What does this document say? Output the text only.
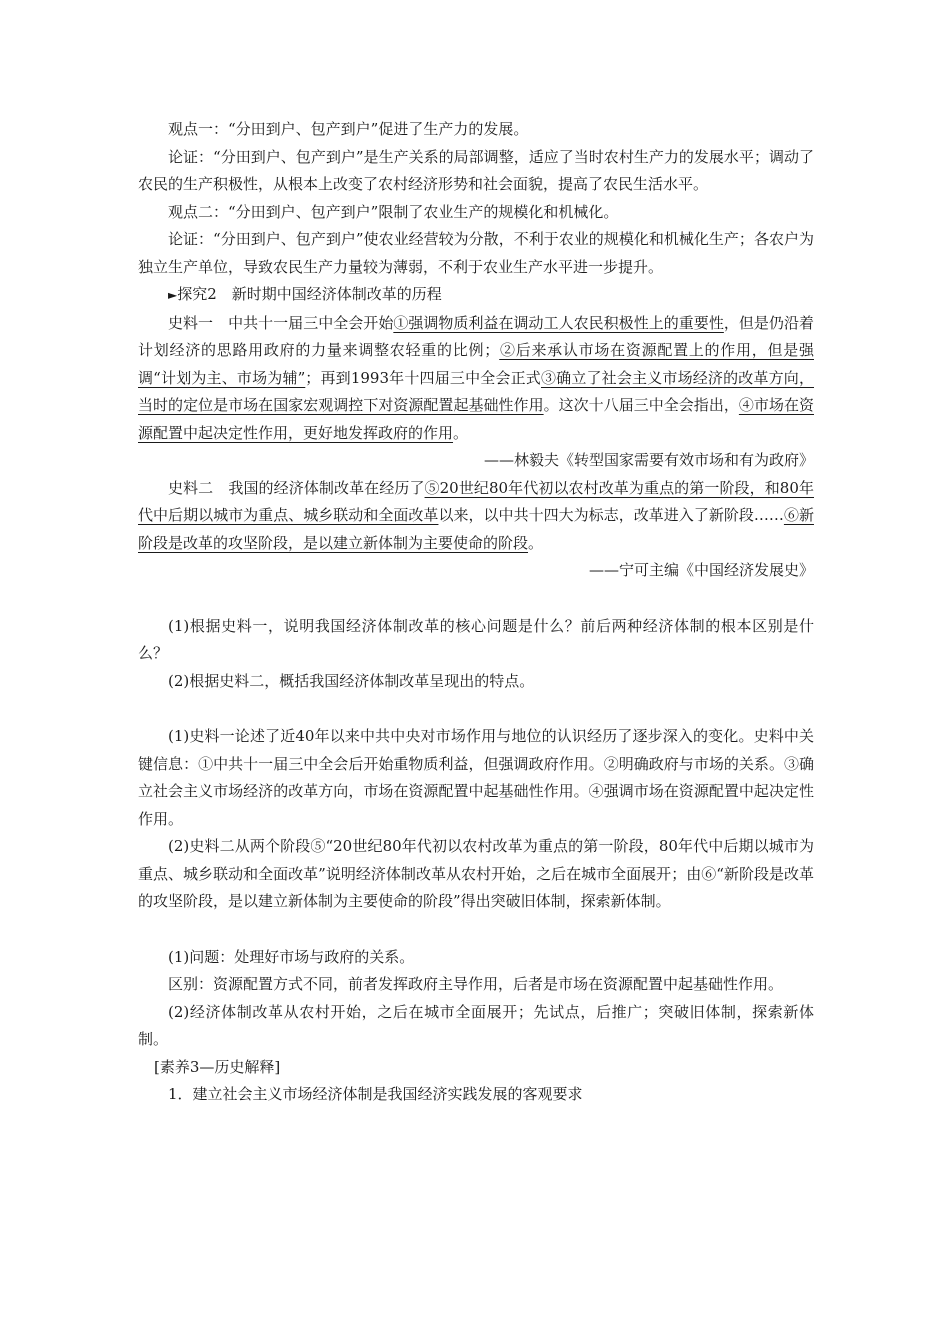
观点一：“分田到户、包产到户”促进了生产力的发展。

论证：“分田到户、包产到户”是生产关系的局部调整，适应了当时农村生产力的发展水平；调动了农民的生产积极性，从根本上改变了农村经济形势和社会面貌，提高了农民生活水平。

观点二：“分田到户、包产到户”限制了农业生产的规模化和机械化。

论证：“分田到户、包产到户”使农业经营较为分散，不利于农业的规模化和机械化生产；各农户为独立生产单位，导致农民生产力量较为薄弱，不利于农业生产水平进一步提升。

►探究2　新时期中国经济体制改革的历程

史料一　中共十一届三中全会开始①强调物质利益在调动工人农民积极性上的重要性，但是仍沿着计划经济的思路用政府的力量来调整农轻重的比例；②后来承认市场在资源配置上的作用，但是强调“计划为主、市场为辅”；再到1993年十四届三中全会正式③确立了社会主义市场经济的改革方向，当时的定位是市场在国家宏观调控下对资源配置起基础性作用。这次十八届三中全会指出，④市场在资源配置中起决定性作用，更好地发挥政府的作用。

——林毅夫《转型国家需要有效市场和有为政府》

史料二　我国的经济体制改革在经历了⑤20世纪80年代初以农村改革为重点的第一阶段，和80年代中后期以城市为重点、城乡联动和全面改革以来，以中共十四大为标志，改革进入了新阶段……⑥新阶段是改革的攻坚阶段，是以建立新体制为主要使命的阶段。

——宁可主编《中国经济发展史》

(1)根据史料一，说明我国经济体制改革的核心问题是什么？前后两种经济体制的根本区别是什么？

(2)根据史料二，概括我国经济体制改革呈现出的特点。

(1)史料一论述了近40年以来中共中央对市场作用与地位的认识经历了逐步深入的变化。史料中关键信息：①中共十一届三中全会后开始重物质利益，但强调政府作用。②明确政府与市场的关系。③确立社会主义市场经济的改革方向，市场在资源配置中起基础性作用。④强调市场在资源配置中起决定性作用。

(2)史料二从两个阶段⑤“20世纪80年代初以农村改革为重点的第一阶段，80年代中后期以城市为重点、城乡联动和全面改革”说明经济体制改革从农村开始，之后在城市全面展开；由⑥“新阶段是改革的攻坚阶段，是以建立新体制为主要使命的阶段”得出突破旧体制，探索新体制。

(1)问题：处理好市场与政府的关系。

区别：资源配置方式不同，前者发挥政府主导作用，后者是市场在资源配置中起基础性作用。

(2)经济体制改革从农村开始，之后在城市全面展开；先试点，后推广；突破旧体制，探索新体制。

[素养3—历史解释]

1．建立社会主义市场经济体制是我国经济实践发展的客观要求
